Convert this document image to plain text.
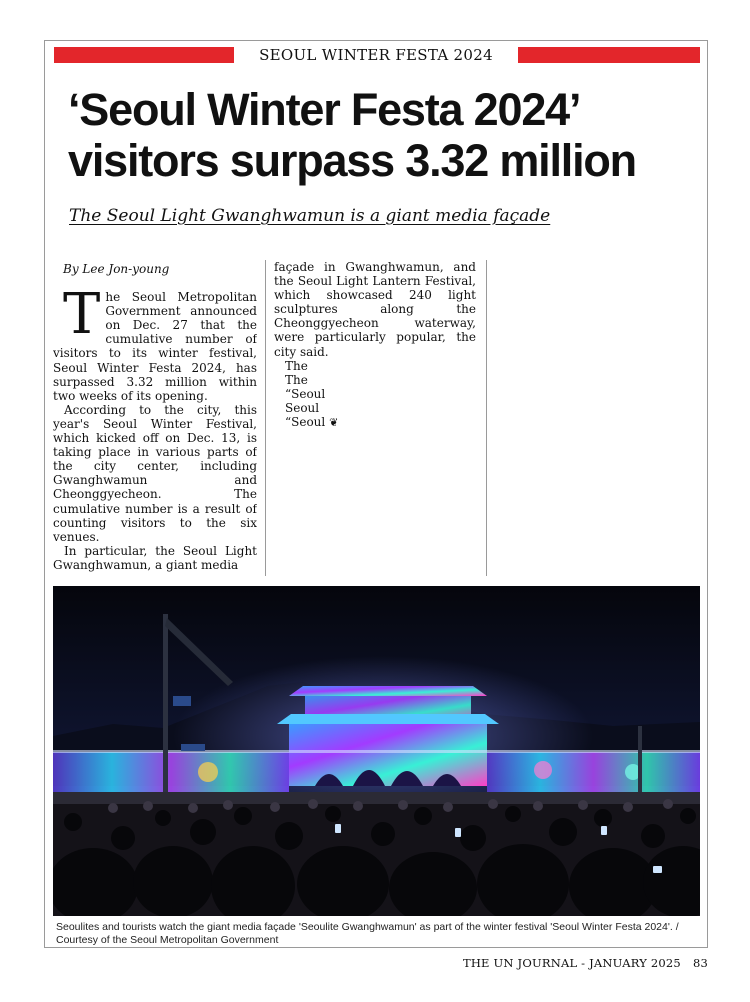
SEOUL WINTER FESTA 2024
‘Seoul Winter Festa 2024’
visitors surpass 3.32 million

The Seoul Light Gwanghwamun is a giant media façade

By Lee Jon-young

The Seoul Metropolitan Government announced on Dec. 27 that the cumulative number of visitors to its winter festival, Seoul Winter Festa 2024, has surpassed 3.32 million within two weeks of its opening.

According to the city, this year's Seoul Winter Festival, which kicked off on Dec. 13, is taking place in various parts of the city center, including Gwanghwamun and Cheonggyecheon. The cumulative number is a result of counting visitors to the six venues.

In particular, the Seoul Light Gwanghwamun, a giant media

façade in Gwanghwamun, and the Seoul Light Lantern Festival, which showcased 240 light sculptures along the Cheonggyecheon waterway, were particularly popular, the city said.

The

The

“Seoul

Seoul

“Seoul ❦

Seoulites and tourists watch the giant media façade 'Seoulite Gwanghwamun' as part of the winter festival 'Seoul Winter Festa 2024'. / Courtesy of the Seoul Metropolitan Government

THE UN JOURNAL - JANUARY 2025 83
